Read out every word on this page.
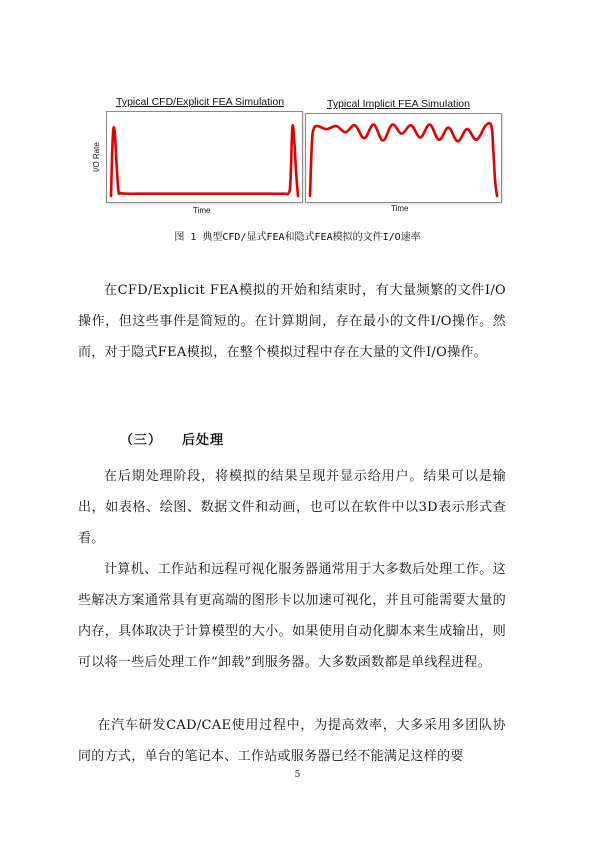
Typical CFD/Explicit FEA Simulation
I/O Rate
Time
Typical Implicit FEA Simulation
Time
图 1 典型CFD/显式FEA和隐式FEA模拟的文件I/O速率
在CFD/Explicit FEA模拟的开始和结束时，有大量频繁的文件I/O操作，但这些事件是简短的。在计算期间，存在最小的文件I/O操作。然而，对于隐式FEA模拟，在整个模拟过程中存在大量的文件I/O操作。
（三） 后处理
在后期处理阶段，将模拟的结果呈现并显示给用户。结果可以是输出，如表格、绘图、数据文件和动画，也可以在软件中以3D表示形式查看。
计算机、工作站和远程可视化服务器通常用于大多数后处理工作。这些解决方案通常具有更高端的图形卡以加速可视化，并且可能需要大量的内存，具体取决于计算模型的大小。如果使用自动化脚本来生成输出，则可以将一些后处理工作“卸载”到服务器。大多数函数都是单线程进程。
在汽车研发CAD/CAE使用过程中，为提高效率，大多采用多团队协同的方式，单台的笔记本、工作站或服务器已经不能满足这样的要
5
